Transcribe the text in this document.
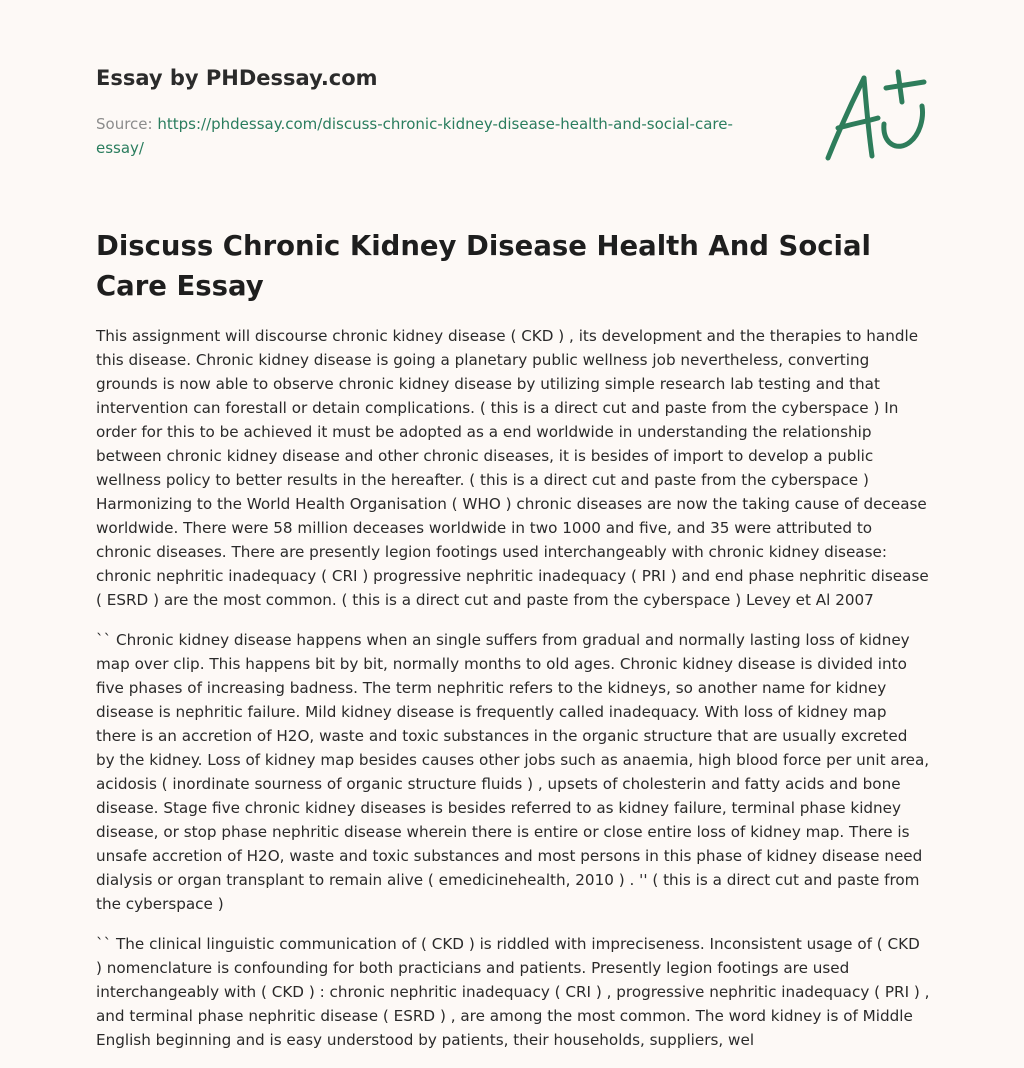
Essay by PHDessay.com
Source: https://phdessay.com/discuss-chronic-kidney-disease-health-and-social-care-essay/
Discuss Chronic Kidney Disease Health And Social Care Essay

This assignment will discourse chronic kidney disease ( CKD ) , its development and the therapies to handle this disease. Chronic kidney disease is going a planetary public wellness job nevertheless, converting grounds is now able to observe chronic kidney disease by utilizing simple research lab testing and that intervention can forestall or detain complications. ( this is a direct cut and paste from the cyberspace ) In order for this to be achieved it must be adopted as a end worldwide in understanding the relationship between chronic kidney disease and other chronic diseases, it is besides of import to develop a public wellness policy to better results in the hereafter. ( this is a direct cut and paste from the cyberspace ) Harmonizing to the World Health Organisation ( WHO ) chronic diseases are now the taking cause of decease worldwide. There were 58 million deceases worldwide in two 1000 and five, and 35 were attributed to chronic diseases. There are presently legion footings used interchangeably with chronic kidney disease: chronic nephritic inadequacy ( CRI ) progressive nephritic inadequacy ( PRI ) and end phase nephritic disease ( ESRD ) are the most common. ( this is a direct cut and paste from the cyberspace ) Levey et Al 2007

`` Chronic kidney disease happens when an single suffers from gradual and normally lasting loss of kidney map over clip. This happens bit by bit, normally months to old ages. Chronic kidney disease is divided into five phases of increasing badness. The term nephritic refers to the kidneys, so another name for kidney disease is nephritic failure. Mild kidney disease is frequently called inadequacy. With loss of kidney map there is an accretion of H2O, waste and toxic substances in the organic structure that are usually excreted by the kidney. Loss of kidney map besides causes other jobs such as anaemia, high blood force per unit area, acidosis ( inordinate sourness of organic structure fluids ) , upsets of cholesterin and fatty acids and bone disease. Stage five chronic kidney diseases is besides referred to as kidney failure, terminal phase kidney disease, or stop phase nephritic disease wherein there is entire or close entire loss of kidney map. There is unsafe accretion of H2O, waste and toxic substances and most persons in this phase of kidney disease need dialysis or organ transplant to remain alive ( emedicinehealth, 2010 ) . '' ( this is a direct cut and paste from the cyberspace )

`` The clinical linguistic communication of ( CKD ) is riddled with impreciseness. Inconsistent usage of ( CKD ) nomenclature is confounding for both practicians and patients. Presently legion footings are used interchangeably with ( CKD ) : chronic nephritic inadequacy ( CRI ) , progressive nephritic inadequacy ( PRI ) , and terminal phase nephritic disease ( ESRD ) , are among the most common. The word kidney is of Middle English beginning and is easy understood by patients, their households, suppliers, wel
